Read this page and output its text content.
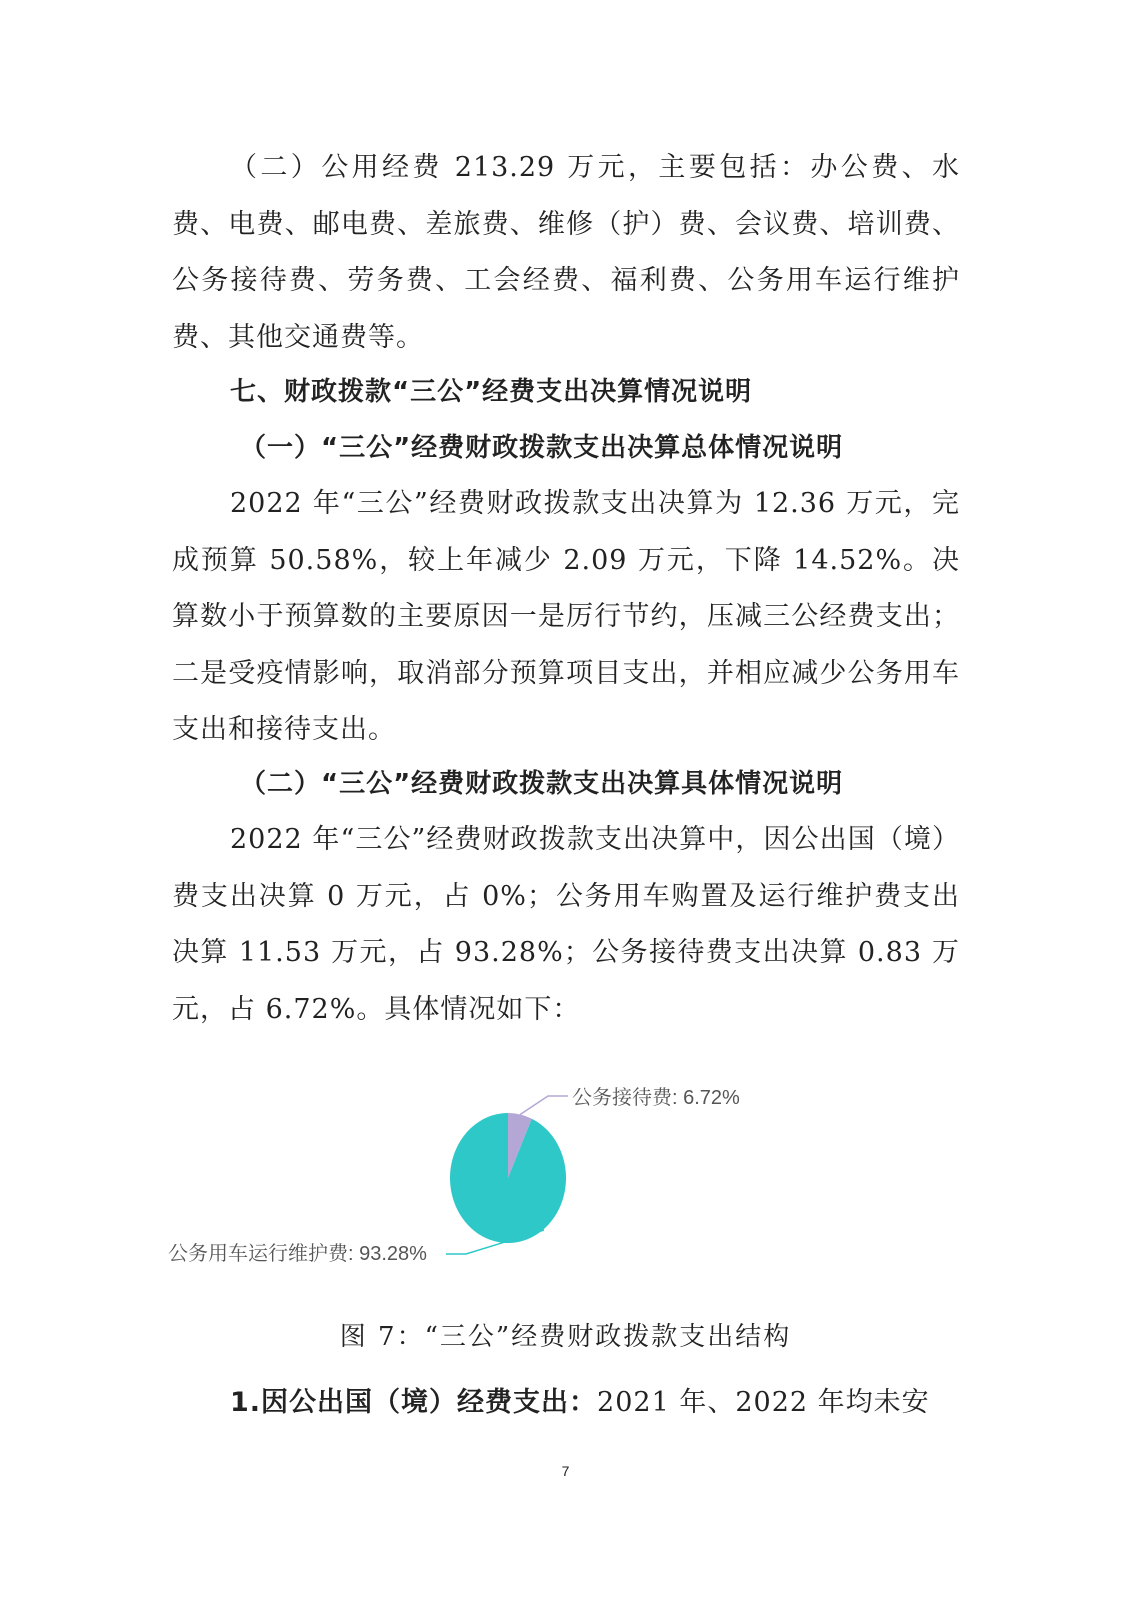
（二）公用经费 213.29 万元，主要包括：办公费、水费、电费、邮电费、差旅费、维修（护）费、会议费、培训费、公务接待费、劳务费、工会经费、福利费、公务用车运行维护费、其他交通费等。
七、财政拨款“三公”经费支出决算情况说明
（一）“三公”经费财政拨款支出决算总体情况说明
2022 年“三公”经费财政拨款支出决算为 12.36 万元，完成预算 50.58%，较上年减少 2.09 万元，下降 14.52%。决算数小于预算数的主要原因一是厉行节约，压减三公经费支出；二是受疫情影响，取消部分预算项目支出，并相应减少公务用车支出和接待支出。
（二）“三公”经费财政拨款支出决算具体情况说明
2022 年“三公”经费财政拨款支出决算中，因公出国（境）费支出决算 0 万元，占 0%；公务用车购置及运行维护费支出决算 11.53 万元，占 93.28%；公务接待费支出决算 0.83 万元，占 6.72%。具体情况如下：
公务接待费: 6.72%
公务用车运行维护费: 93.28%
图 7：“三公”经费财政拨款支出结构
1.因公出国（境）经费支出：2021 年、2022 年均未安
7
